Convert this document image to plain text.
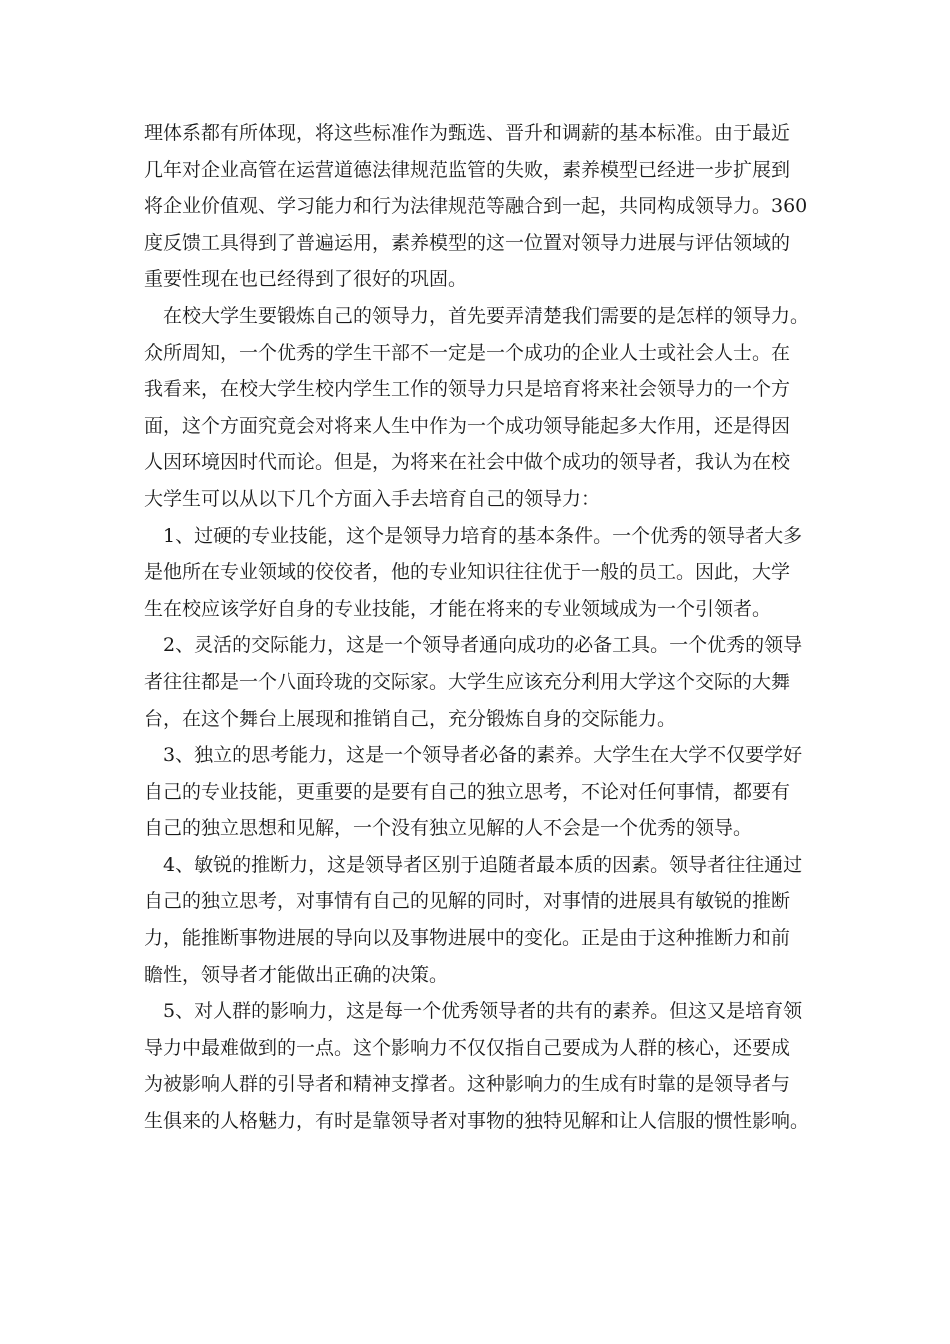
理体系都有所体现，将这些标准作为甄选、晋升和调薪的基本标准。由于最近
几年对企业高管在运营道德法律规范监管的失败，素养模型已经进一步扩展到
将企业价值观、学习能力和行为法律规范等融合到一起，共同构成领导力。360
度反馈工具得到了普遍运用，素养模型的这一位置对领导力进展与评估领域的
重要性现在也已经得到了很好的巩固。

在校大学生要锻炼自己的领导力，首先要弄清楚我们需要的是怎样的领导力。
众所周知，一个优秀的学生干部不一定是一个成功的企业人士或社会人士。在
我看来，在校大学生校内学生工作的领导力只是培育将来社会领导力的一个方
面，这个方面究竟会对将来人生中作为一个成功领导能起多大作用，还是得因
人因环境因时代而论。但是，为将来在社会中做个成功的领导者，我认为在校
大学生可以从以下几个方面入手去培育自己的领导力：

1、过硬的专业技能，这个是领导力培育的基本条件。一个优秀的领导者大多
是他所在专业领域的佼佼者，他的专业知识往往优于一般的员工。因此，大学
生在校应该学好自身的专业技能，才能在将来的专业领域成为一个引领者。

2、灵活的交际能力，这是一个领导者通向成功的必备工具。一个优秀的领导
者往往都是一个八面玲珑的交际家。大学生应该充分利用大学这个交际的大舞
台，在这个舞台上展现和推销自己，充分锻炼自身的交际能力。

3、独立的思考能力，这是一个领导者必备的素养。大学生在大学不仅要学好
自己的专业技能，更重要的是要有自己的独立思考，不论对任何事情，都要有
自己的独立思想和见解，一个没有独立见解的人不会是一个优秀的领导。

4、敏锐的推断力，这是领导者区别于追随者最本质的因素。领导者往往通过
自己的独立思考，对事情有自己的见解的同时，对事情的进展具有敏锐的推断
力，能推断事物进展的导向以及事物进展中的变化。正是由于这种推断力和前
瞻性，领导者才能做出正确的决策。

5、对人群的影响力，这是每一个优秀领导者的共有的素养。但这又是培育领
导力中最难做到的一点。这个影响力不仅仅指自己要成为人群的核心，还要成
为被影响人群的引导者和精神支撑者。这种影响力的生成有时靠的是领导者与
生俱来的人格魅力，有时是靠领导者对事物的独特见解和让人信服的惯性影响。
